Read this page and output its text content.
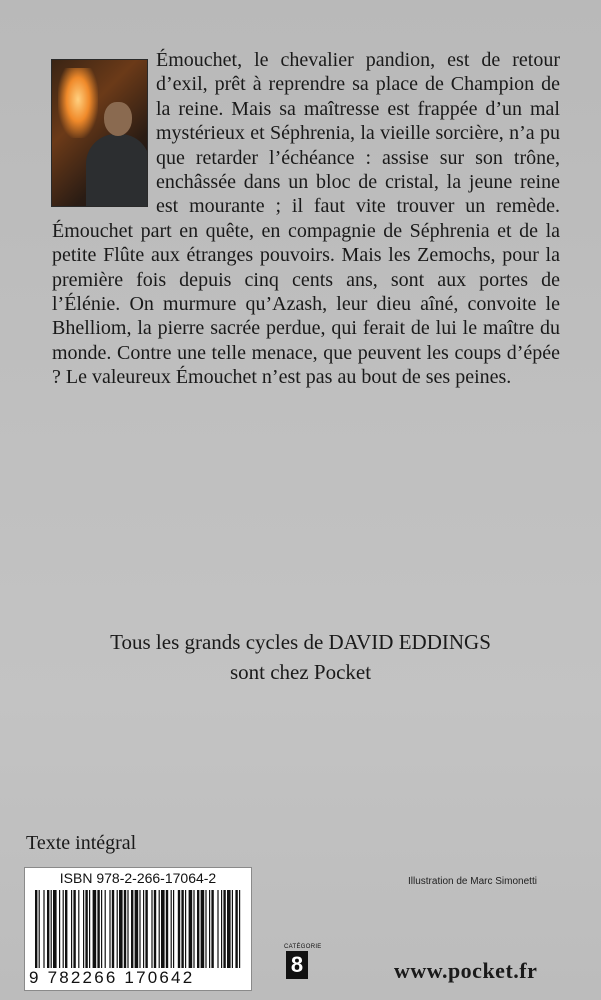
Émouchet, le chevalier pandion, est de retour d’exil, prêt à reprendre sa place de Champion de la reine. Mais sa maîtresse est frappée d’un mal mystérieux et Séphrenia, la vieille sorcière, n’a pu que retarder l’échéance : assise sur son trône, enchâssée dans un bloc de cristal, la jeune reine est mourante ; il faut vite trouver un remède. Émouchet part en quête, en compagnie de Séphrenia et de la petite Flûte aux étranges pouvoirs. Mais les Zemochs, pour la première fois depuis cinq cents ans, sont aux portes de l’Élénie. On murmure qu’Azash, leur dieu aîné, convoite le Bhelliom, la pierre sacrée perdue, qui ferait de lui le maître du monde. Contre une telle menace, que peuvent les coups d’épée ? Le valeureux Émouchet n’est pas au bout de ses peines.
Tous les grands cycles de DAVID EDDINGS
sont chez Pocket
Texte intégral
ISBN 978-2-266-17064-2
9 782266 170642
Illustration de Marc Simonetti
CATÉGORIE
8	www.pocket.fr
